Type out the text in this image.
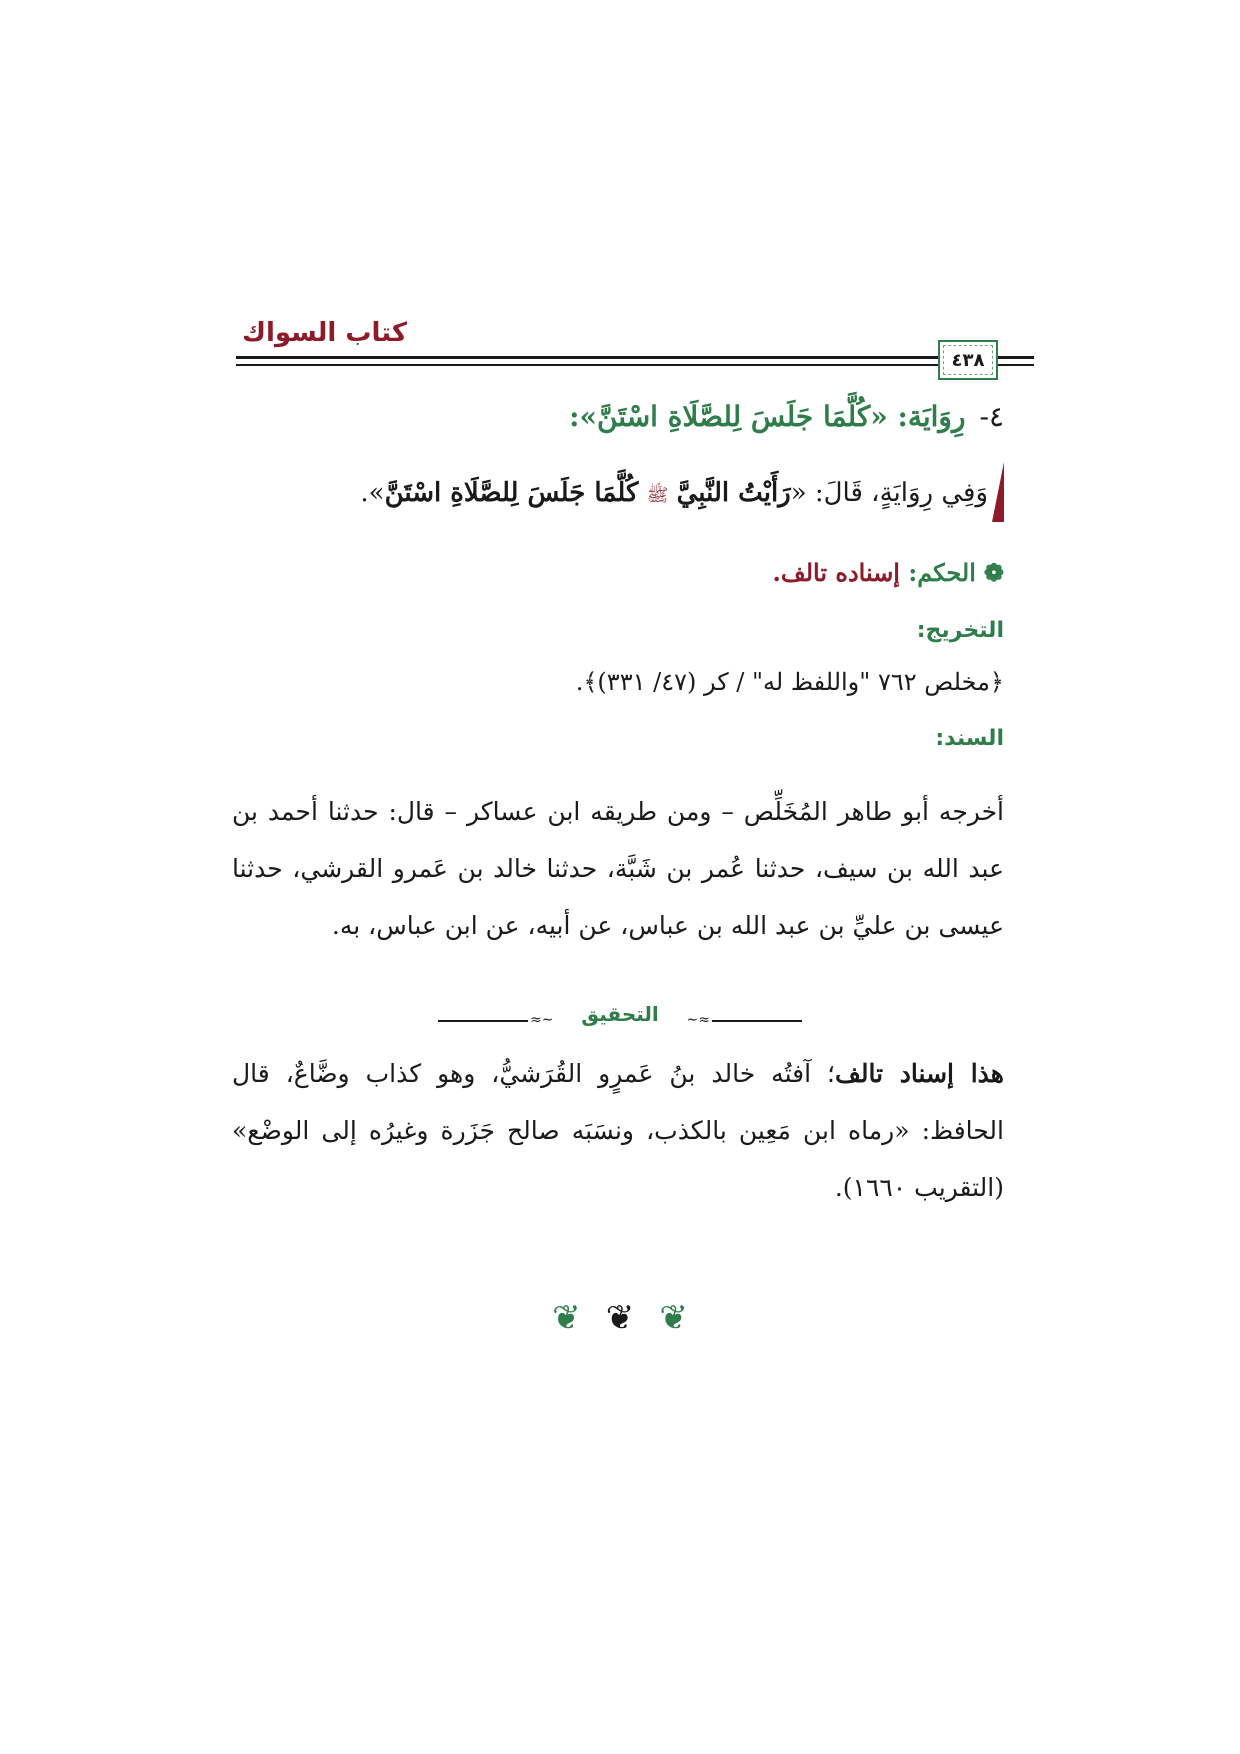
كتاب السواك
٤٣٨
٤-رِوَايَة: «كُلَّمَا جَلَسَ لِلصَّلَاةِ اسْتَنَّ»:
وَفِي رِوَايَةٍ، قَالَ: «رَأَيْتُ النَّبِيَّ ﷺ كُلَّمَا جَلَسَ لِلصَّلَاةِ اسْتَنَّ».
❁الحكم: إسناده تالف.
التخريج:
﴿مخلص ٧٦٢ "واللفظ له" / كر (٤٧/ ٣٣١)﴾.
السند:
أخرجه أبو طاهر المُخَلِّص – ومن طريقه ابن عساكر – قال: حدثنا أحمد بن عبد الله بن سيف، حدثنا عُمر بن شَبَّة، حدثنا خالد بن عَمرو القرشي، حدثنا عيسى بن عليِّ بن عبد الله بن عباس، عن أبيه، عن ابن عباس، به.
≈∽
التحقيق
∽≈
هذا إسناد تالف؛ آفتُه خالد بنُ عَمرٍو القُرَشيُّ، وهو كذاب وضَّاعٌ، قال الحافظ: «رماه ابن مَعِين بالكذب، ونسَبَه صالح جَزَرة وغيرُه إلى الوضْع» (التقريب ١٦٦٠).
❦ ❦ ❦
